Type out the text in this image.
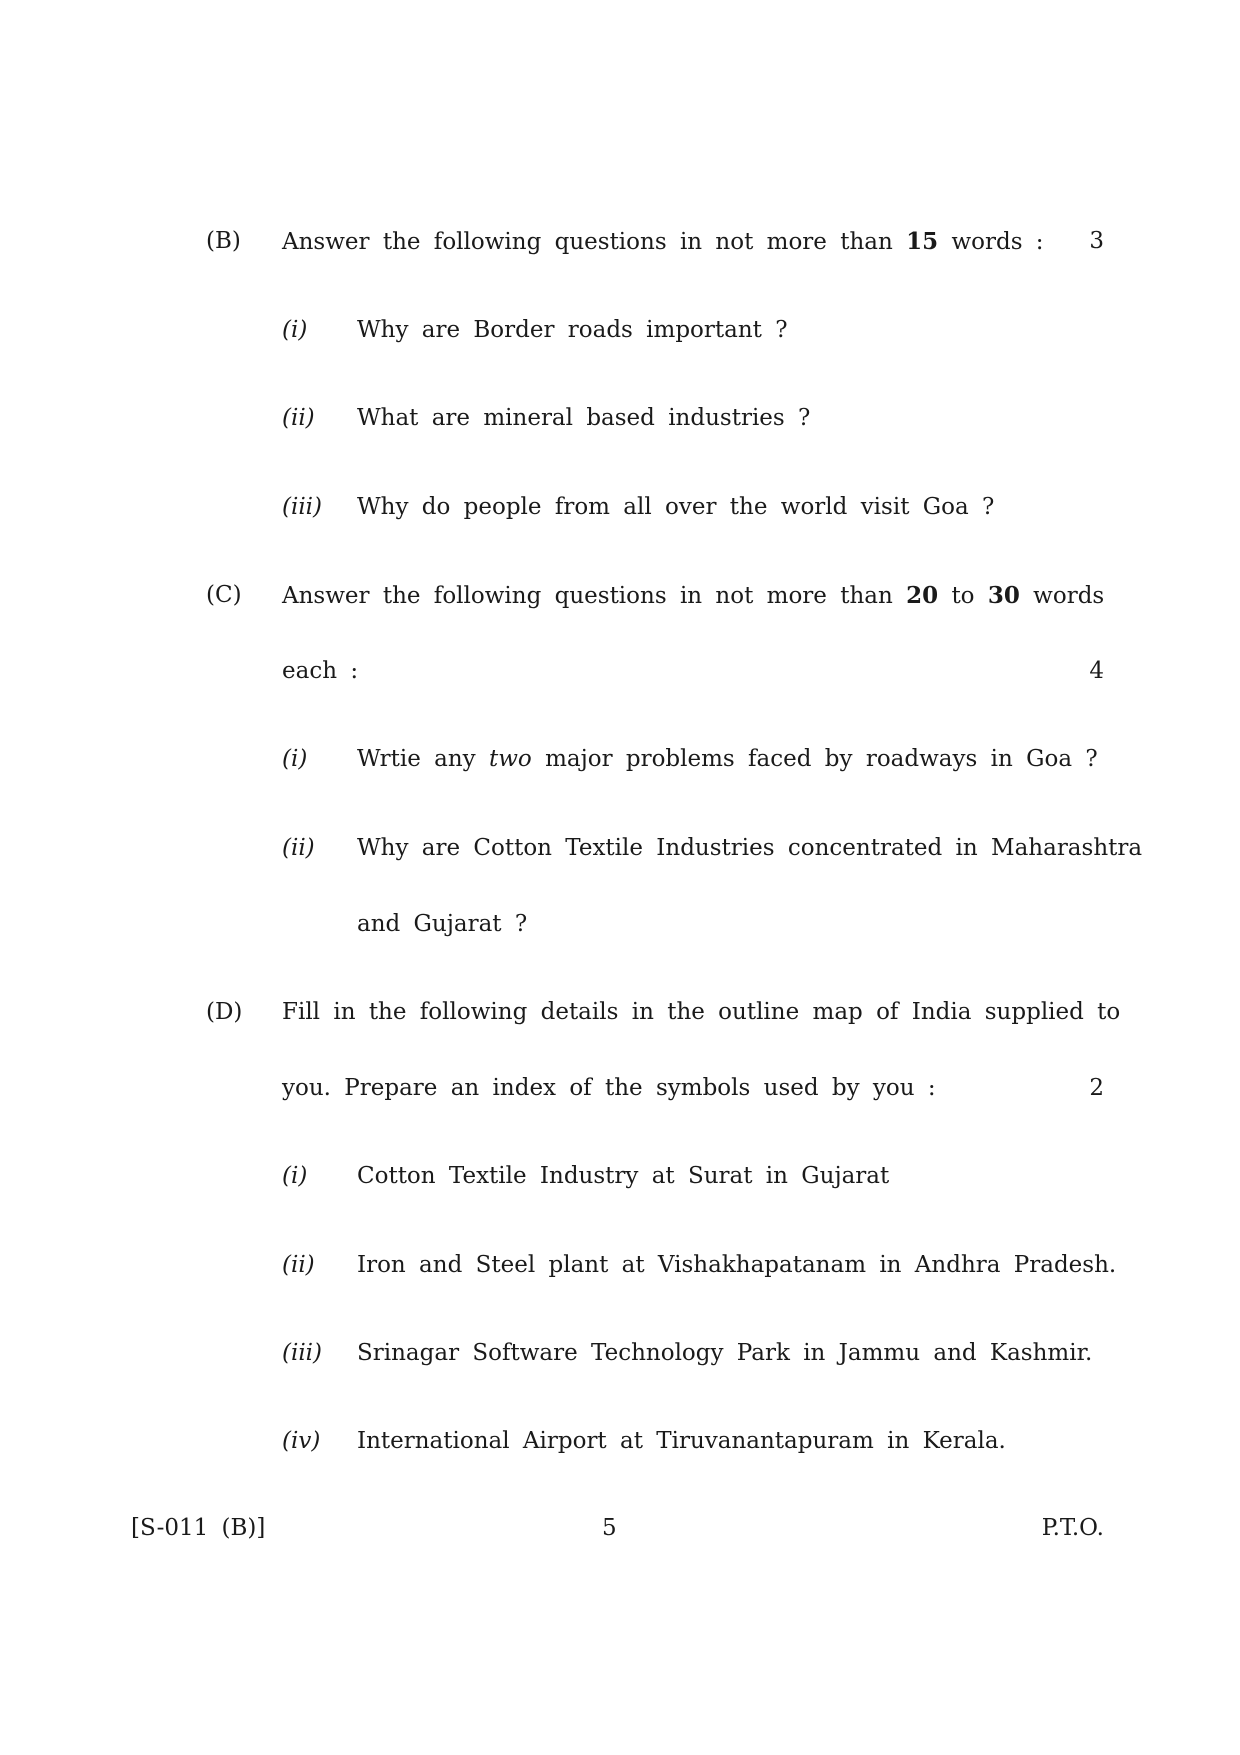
(B) Answer the following questions in not more than 15 words : 3
(i) Why are Border roads important ?
(ii) What are mineral based industries ?
(iii) Why do people from all over the world visit Goa ?
(C) Answer the following questions in not more than 20 to 30 words
each :	4
(i) Wrtie any two major problems faced by roadways in Goa ?
(ii) Why are Cotton Textile Industries concentrated in Maharashtra
and Gujarat ?
(D) Fill in the following details in the outline map of India supplied to
you. Prepare an index of the symbols used by you :	2
(i) Cotton Textile Industry at Surat in Gujarat
(ii) Iron and Steel plant at Vishakhapatanam in Andhra Pradesh.
(iii) Srinagar Software Technology Park in Jammu and Kashmir.
(iv) International Airport at Tiruvanantapuram in Kerala.
[S-011 (B)]	5	P.T.O.
